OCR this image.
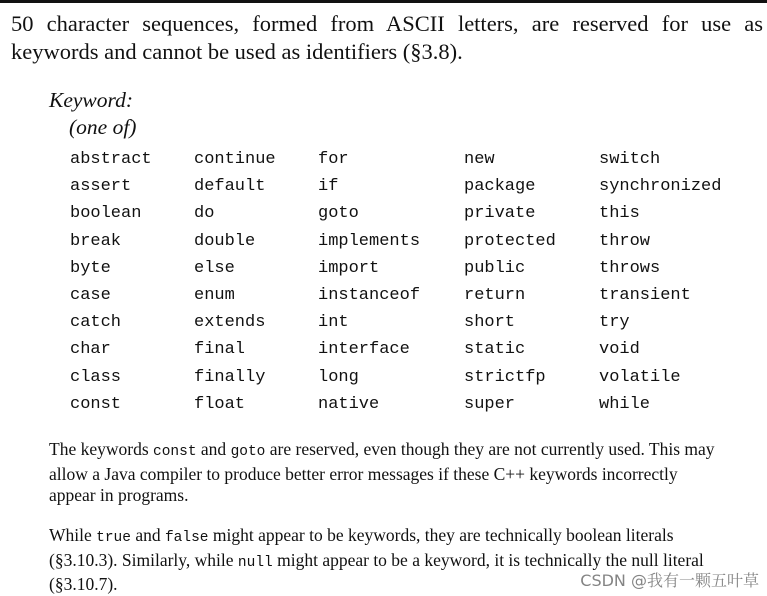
50 character sequences, formed from ASCII letters, are reserved for use as keywords and cannot be used as identifiers (§3.8).

Keyword:

(one of)

abstract	continue	for	new	switch
assert	default	if	package	synchronized
boolean	do	goto	private	this
break	double	implements	protected	throw
byte	else	import	public	throws
case	enum	instanceof	return	transient
catch	extends	int	short	try
char	final	interface	static	void
class	finally	long	strictfp	volatile
const	float	native	super	while

The keywords const and goto are reserved, even though they are not currently used. This may allow a Java compiler to produce better error messages if these C++ keywords incorrectly appear in programs.

While true and false might appear to be keywords, they are technically boolean literals (§3.10.3). Similarly, while null might appear to be a keyword, it is technically the null literal (§3.10.7).	CSDN @我有一颗五叶草
